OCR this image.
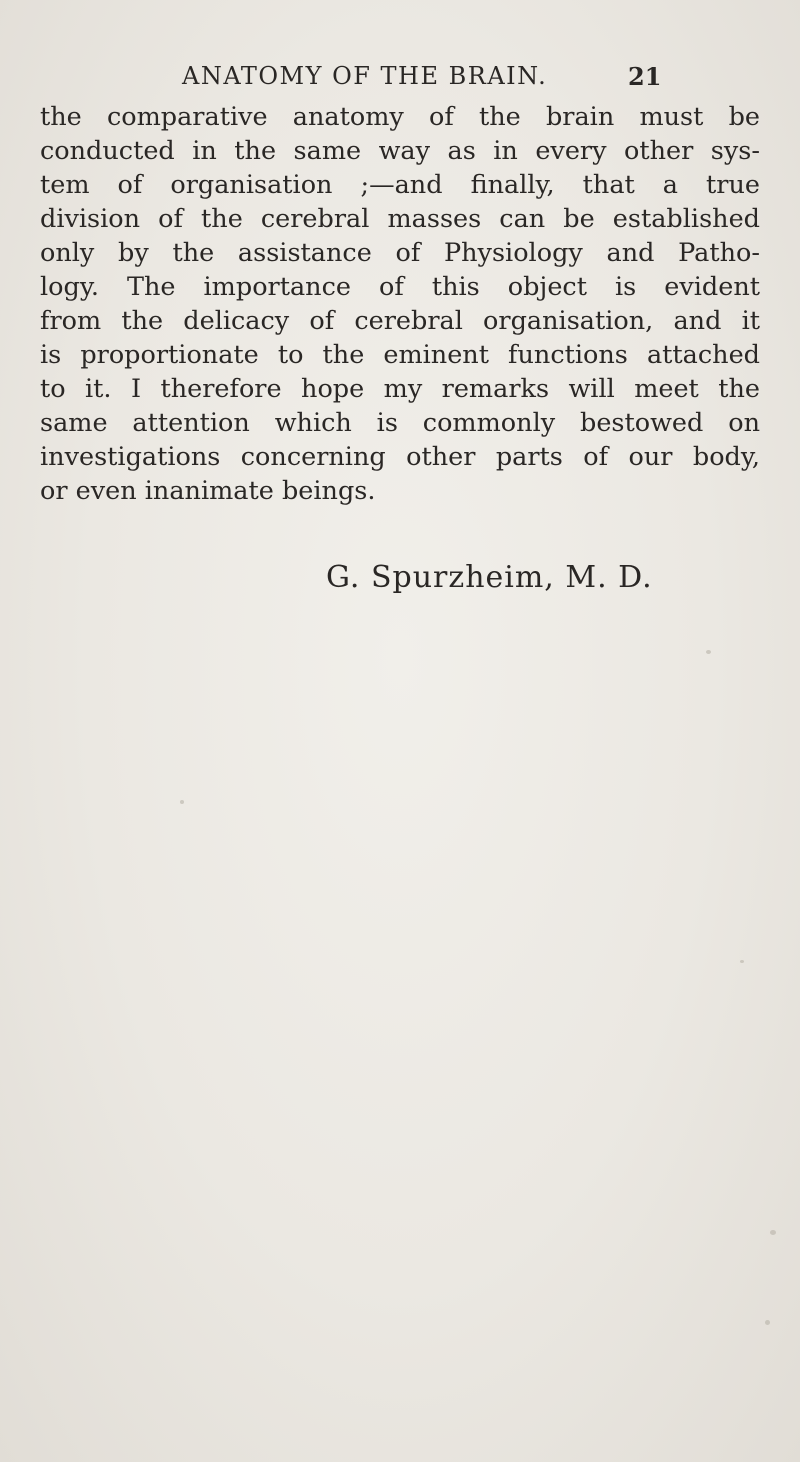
ANATOMY OF THE BRAIN.	21
the comparative anatomy of the brain must be
conducted in the same way as in every other sys-
tem of organisation ;—and finally, that a true
division of the cerebral masses can be established
only by the assistance of Physiology and Patho-
logy. The importance of this object is evident
from the delicacy of cerebral organisation, and it
is proportionate to the eminent functions attached
to it. I therefore hope my remarks will meet the
same attention which is commonly bestowed on
investigations concerning other parts of our body,
or even inanimate beings.
G. Spurzheim, M. D.
